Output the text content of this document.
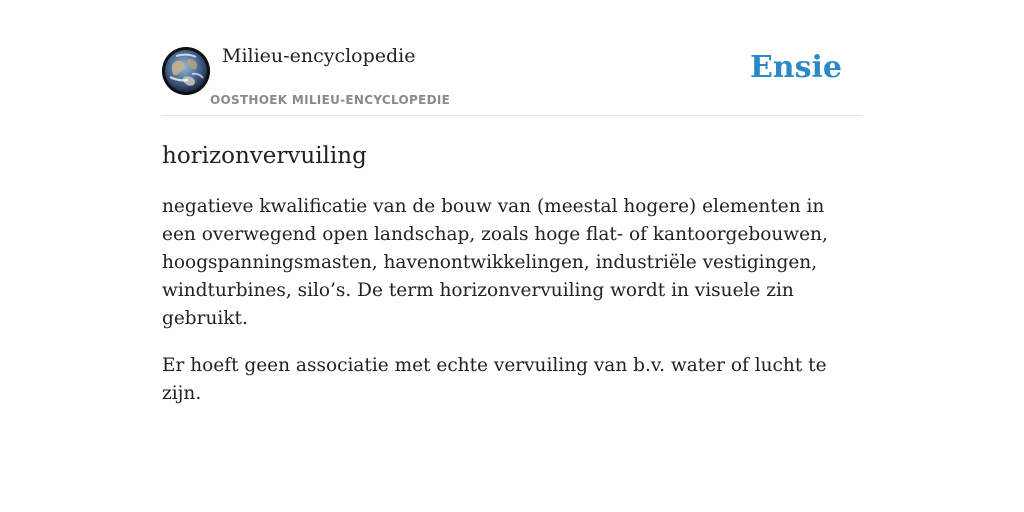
Milieu-encyclopedie
OOSTHOEK MILIEU-ENCYCLOPEDIE
Ensie
horizonvervuiling

negatieve kwalificatie van de bouw van (meestal hogere) elementen in een overwegend open landschap, zoals hoge flat- of kantoorgebouwen, hoogspanningsmasten, havenontwikkelingen, industriële vestigingen, windturbines, silo’s. De term horizonvervuiling wordt in visuele zin gebruikt.

Er hoeft geen associatie met echte vervuiling van b.v. water of lucht te zijn.
